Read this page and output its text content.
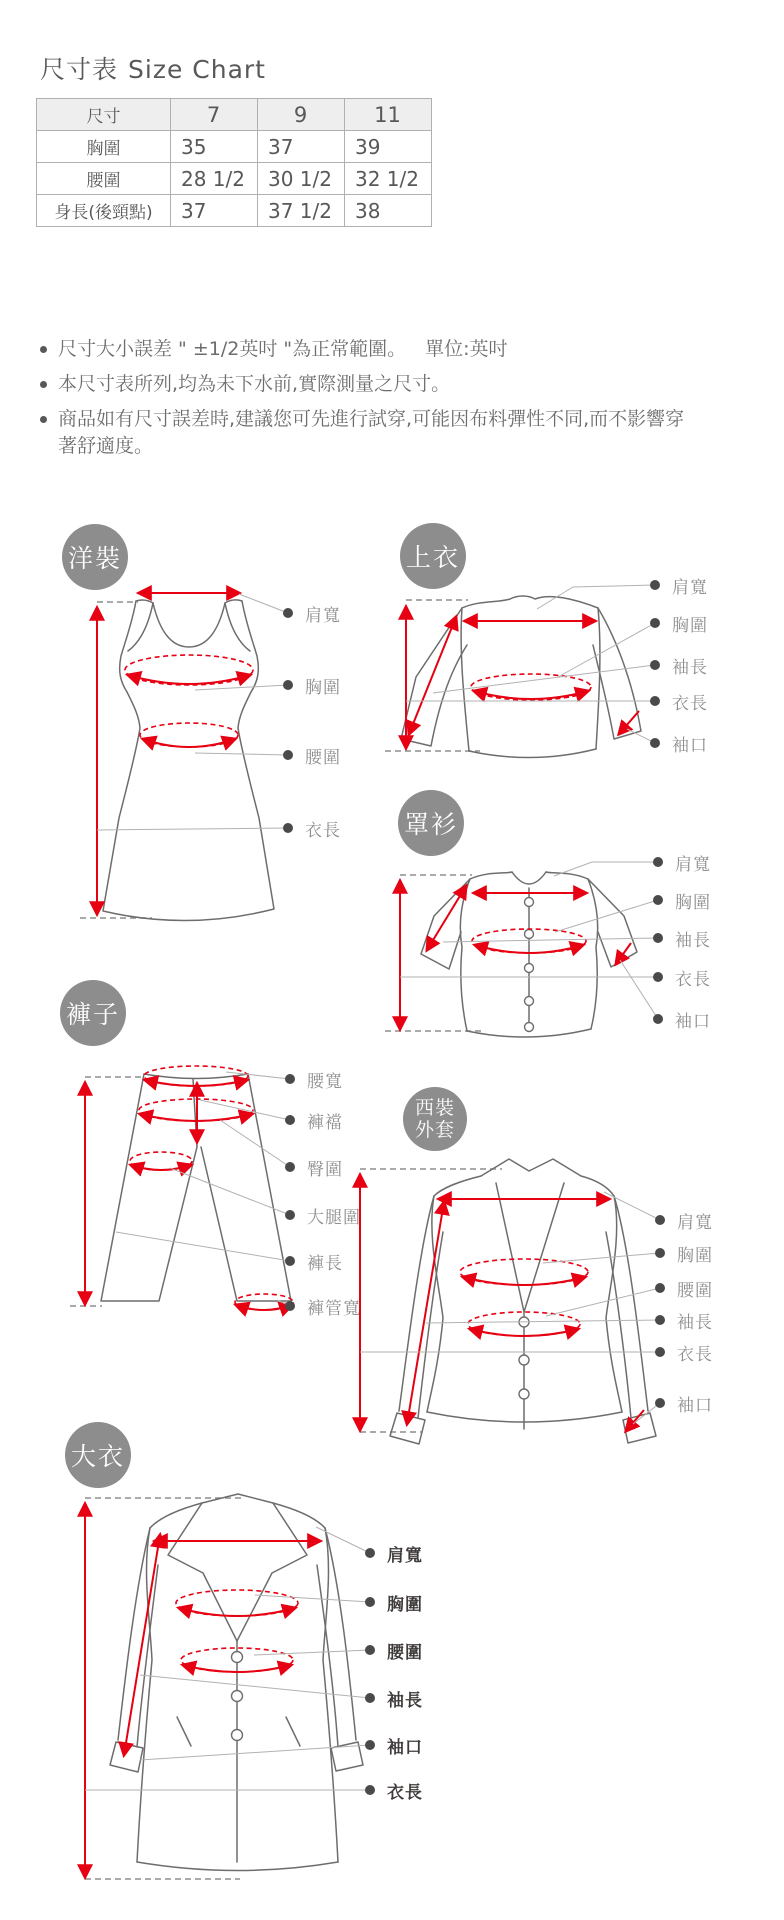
尺寸表 Size Chart
尺寸	7	9	11
胸圍	35	37	39
腰圍	28 1/2	30 1/2	32 1/2
身長(後頸點)	37	37 1/2	38
尺寸大小誤差 " ±1/2英吋 "為正常範圍。 單位:英吋
本尺寸表所列,均為未下水前,實際測量之尺寸。
商品如有尺寸誤差時,建議您可先進行試穿,可能因布料彈性不同,而不影響穿著舒適度。
洋裝
肩寬
胸圍
腰圍
衣長
上衣
肩寬
胸圍
袖長
衣長
袖口
罩衫
肩寬
胸圍
袖長
衣長
袖口
褲子
腰寬
褲襠
臀圍
大腿圍
褲長
褲管寬
西裝
外套
肩寬
胸圍
腰圍
袖長
衣長
袖口
大衣
肩寬
胸圍
腰圍
袖長
袖口
衣長
